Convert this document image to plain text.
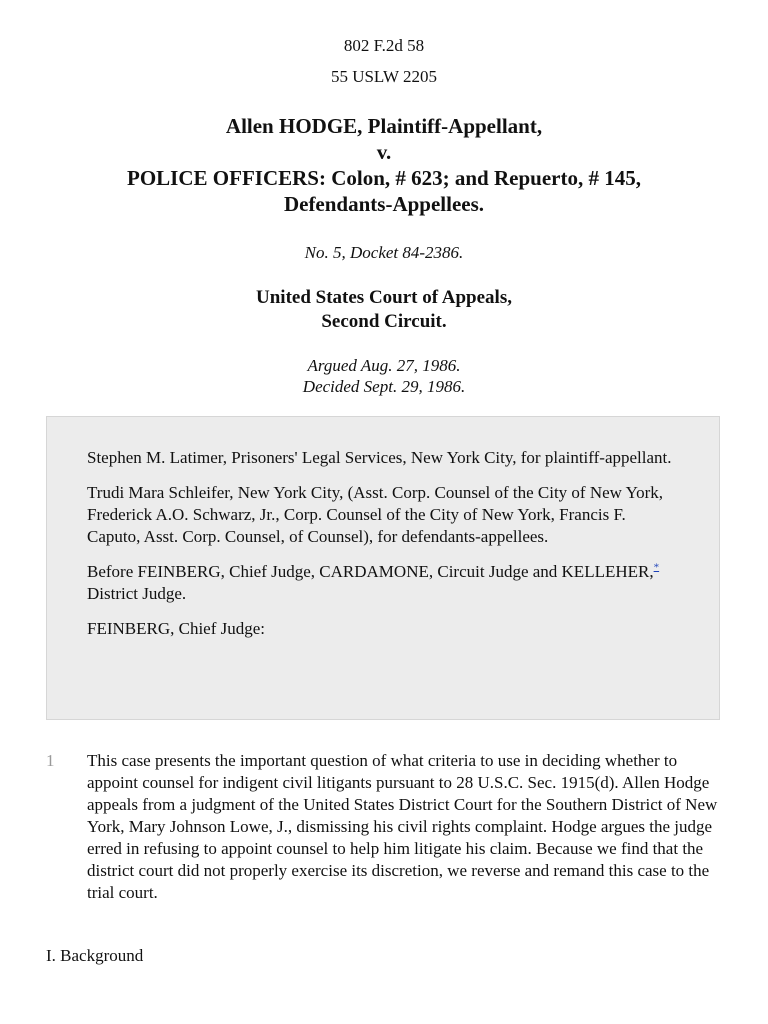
802 F.2d 58
55 USLW 2205
Allen HODGE, Plaintiff-Appellant,
v.
POLICE OFFICERS: Colon, # 623; and Repuerto, # 145,
Defendants-Appellees.
No. 5, Docket 84-2386.
United States Court of Appeals,
Second Circuit.
Argued Aug. 27, 1986.
Decided Sept. 29, 1986.

Stephen M. Latimer, Prisoners' Legal Services, New York City, for plaintiff-appellant.

Trudi Mara Schleifer, New York City, (Asst. Corp. Counsel of the City of New York, Frederick A.O. Schwarz, Jr., Corp. Counsel of the City of New York, Francis F. Caputo, Asst. Corp. Counsel, of Counsel), for defendants-appellees.

Before FEINBERG, Chief Judge, CARDAMONE, Circuit Judge and KELLEHER,* District Judge.

FEINBERG, Chief Judge:

1 This case presents the important question of what criteria to use in deciding whether to appoint counsel for indigent civil litigants pursuant to 28 U.S.C. Sec. 1915(d). Allen Hodge appeals from a judgment of the United States District Court for the Southern District of New York, Mary Johnson Lowe, J., dismissing his civil rights complaint. Hodge argues the judge erred in refusing to appoint counsel to help him litigate his claim. Because we find that the district court did not properly exercise its discretion, we reverse and remand this case to the trial court.

I. Background
